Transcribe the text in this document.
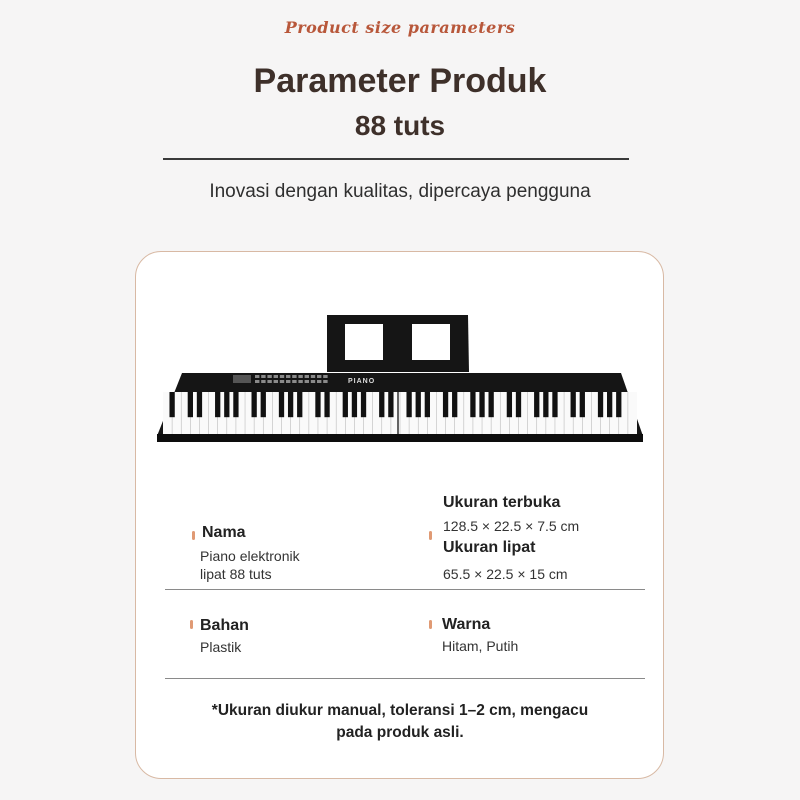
Product size parameters
Parameter Produk
88 tuts
Inovasi dengan kualitas, dipercaya pengguna
PIANO
Nama
Piano elektronik
lipat 88 tuts
Ukuran terbuka
128.5 × 22.5 × 7.5 cm
Ukuran lipat
65.5 × 22.5 × 15 cm
Bahan
Plastik
Warna
Hitam, Putih
*Ukuran diukur manual, toleransi 1–2 cm, mengacu
pada produk asli.
